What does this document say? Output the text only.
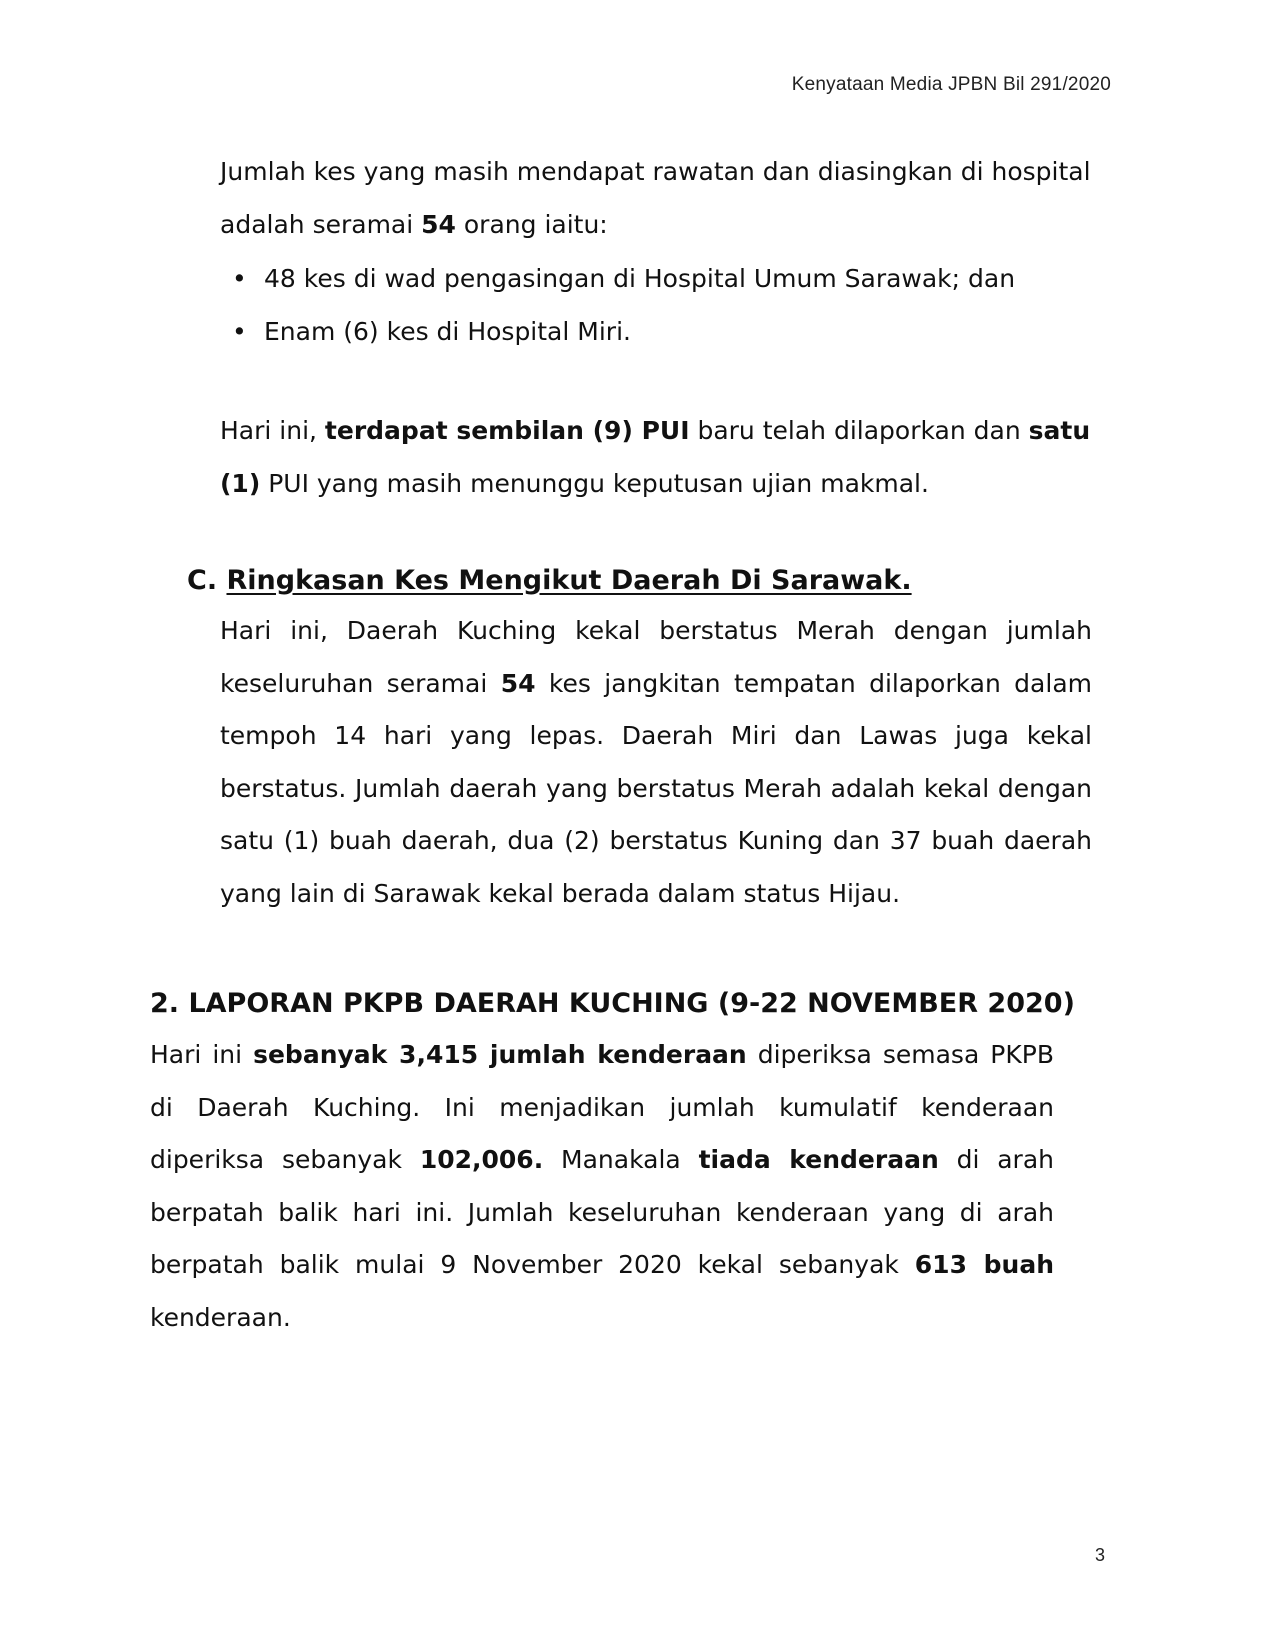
Kenyataan Media JPBN Bil 291/2020

Jumlah kes yang masih mendapat rawatan dan diasingkan di hospital adalah seramai 54 orang iaitu:

• 48 kes di wad pengasingan di Hospital Umum Sarawak; dan
• Enam (6) kes di Hospital Miri.

Hari ini, terdapat sembilan (9) PUI baru telah dilaporkan dan satu (1) PUI yang masih menunggu keputusan ujian makmal.

C. Ringkasan Kes Mengikut Daerah Di Sarawak.

Hari ini, Daerah Kuching kekal berstatus Merah dengan jumlah keseluruhan seramai 54 kes jangkitan tempatan dilaporkan dalam tempoh 14 hari yang lepas. Daerah Miri dan Lawas juga kekal berstatus. Jumlah daerah yang berstatus Merah adalah kekal dengan satu (1) buah daerah, dua (2) berstatus Kuning dan 37 buah daerah yang lain di Sarawak kekal berada dalam status Hijau.

2. LAPORAN PKPB DAERAH KUCHING (9-22 NOVEMBER 2020)

Hari ini sebanyak 3,415 jumlah kenderaan diperiksa semasa PKPB di Daerah Kuching. Ini menjadikan jumlah kumulatif kenderaan diperiksa sebanyak 102,006. Manakala tiada kenderaan di arah berpatah balik hari ini. Jumlah keseluruhan kenderaan yang di arah berpatah balik mulai 9 November 2020 kekal sebanyak 613 buah kenderaan.

3
